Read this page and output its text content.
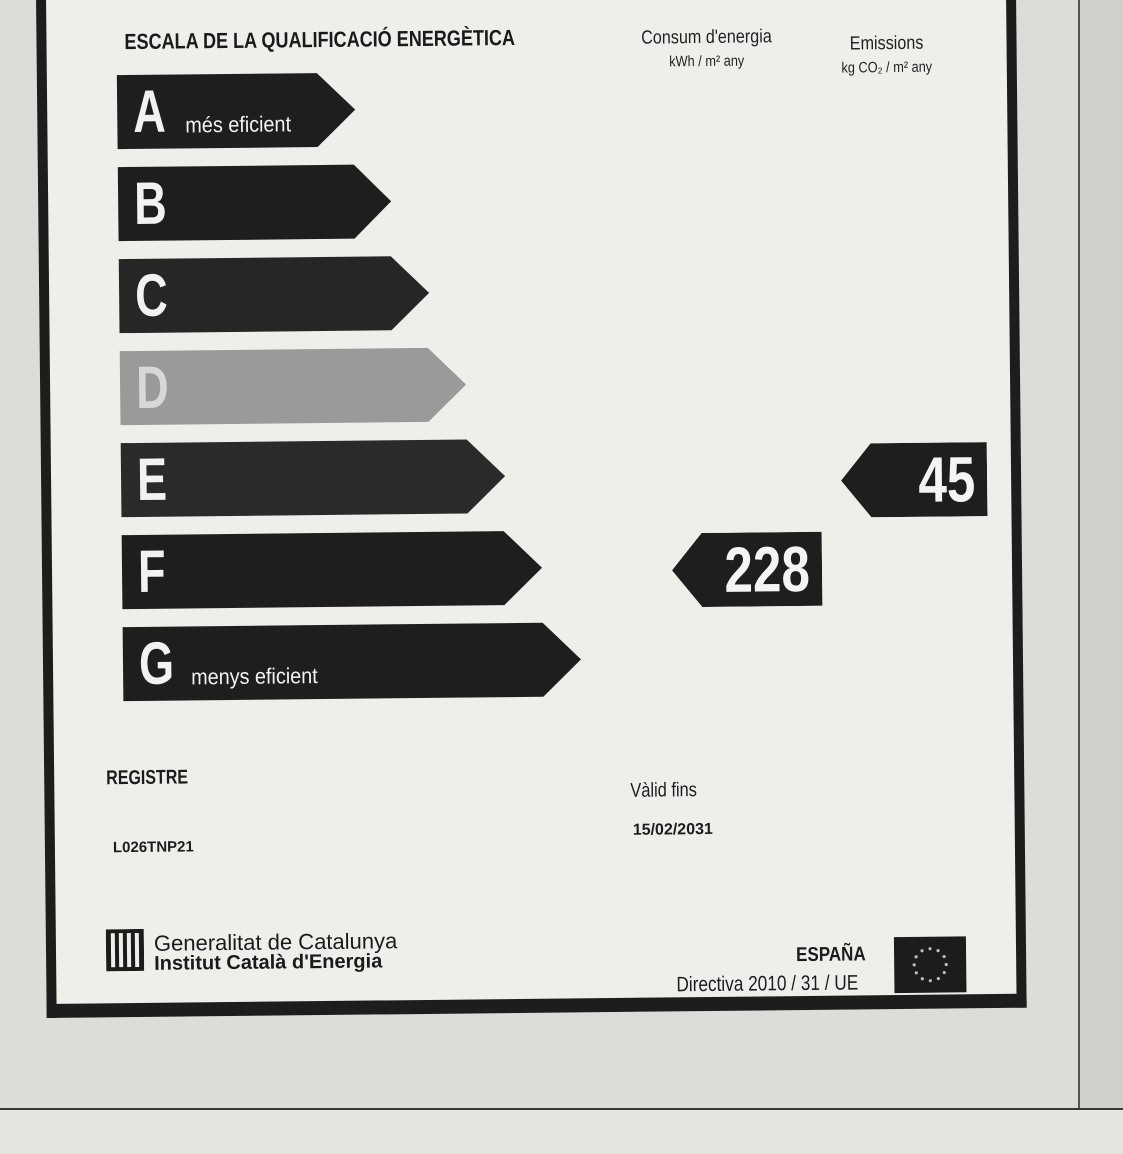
ESCALA DE LA QUALIFICACIÓ ENERGÈTICA	Consum d'energia
kWh / m² any
Emissions
kg CO₂ / m² any
A més eficient
B
C
D
E
F
G menys eficient
228
45
REGISTRE
L026TNP21
Vàlid fins
15/02/2031
Generalitat de Catalunya
Institut Català d'Energia	ESPAÑA
Directiva 2010 / 31 / UE
